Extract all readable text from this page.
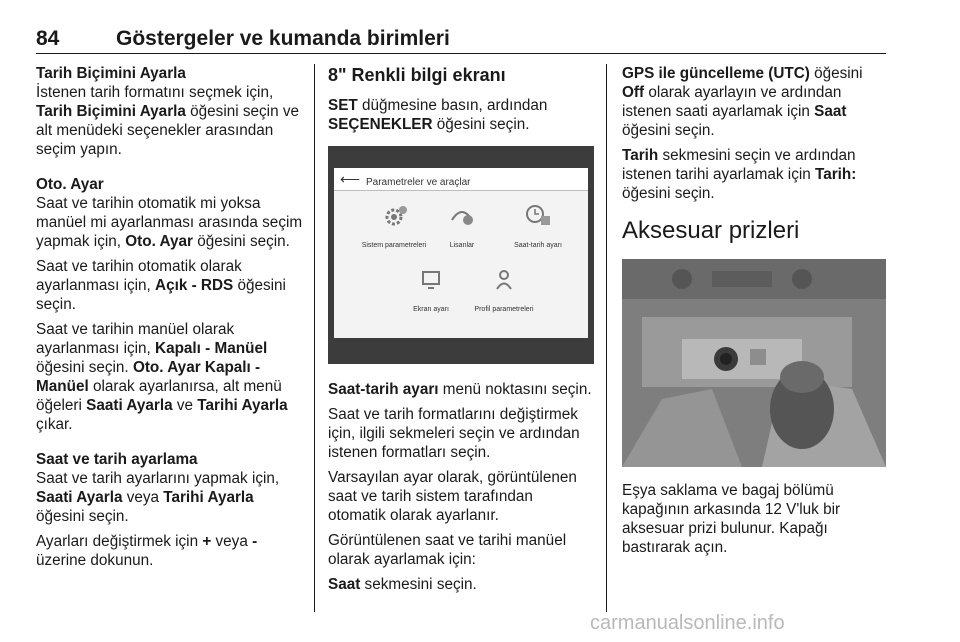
84	Göstergeler ve kumanda birimleri

Tarih Biçimini Ayarla

İstenen tarih formatını seçmek için,
Tarih Biçimini Ayarla öğesini seçin ve alt menüdeki seçenekler arasından seçim yapın.

Oto. Ayar

Saat ve tarihin otomatik mi yoksa manüel mi ayarlanması arasında seçim yapmak için, Oto. Ayar öğesini seçin.

Saat ve tarihin otomatik olarak ayarlanması için, Açık - RDS öğesini seçin.

Saat ve tarihin manüel olarak ayarlanması için, Kapalı - Manüel öğesini seçin. Oto. Ayar Kapalı - Manüel olarak ayarlanırsa, alt menü öğeleri Saati Ayarla ve Tarihi Ayarla çıkar.

Saat ve tarih ayarlama

Saat ve tarih ayarlarını yapmak için, Saati Ayarla veya Tarihi Ayarla öğesini seçin.

Ayarları değiştirmek için + veya - üzerine dokunun.

8" Renkli bilgi ekranı

SET düğmesine basın, ardından SEÇENEKLER öğesini seçin.

⟵ Parametreler ve araçlar
Sistem parametreleri	Lisanlar	Saat-tarih ayarı
Ekran ayarı	Profil parametreleri

Saat-tarih ayarı menü noktasını seçin.

Saat ve tarih formatlarını değiştirmek için, ilgili sekmeleri seçin ve ardından istenen formatları seçin.

Varsayılan ayar olarak, görüntülenen saat ve tarih sistem tarafından otomatik olarak ayarlanır.

Görüntülenen saat ve tarihi manüel olarak ayarlamak için:

Saat sekmesini seçin.

GPS ile güncelleme (UTC) öğesini Off olarak ayarlayın ve ardından istenen saati ayarlamak için Saat öğesini seçin.

Tarih sekmesini seçin ve ardından istenen tarihi ayarlamak için Tarih: öğesini seçin.

Aksesuar prizleri

Eşya saklama ve bagaj bölümü kapağının arkasında 12 V'luk bir aksesuar prizi bulunur. Kapağı bastırarak açın.

carmanualsonline.info
